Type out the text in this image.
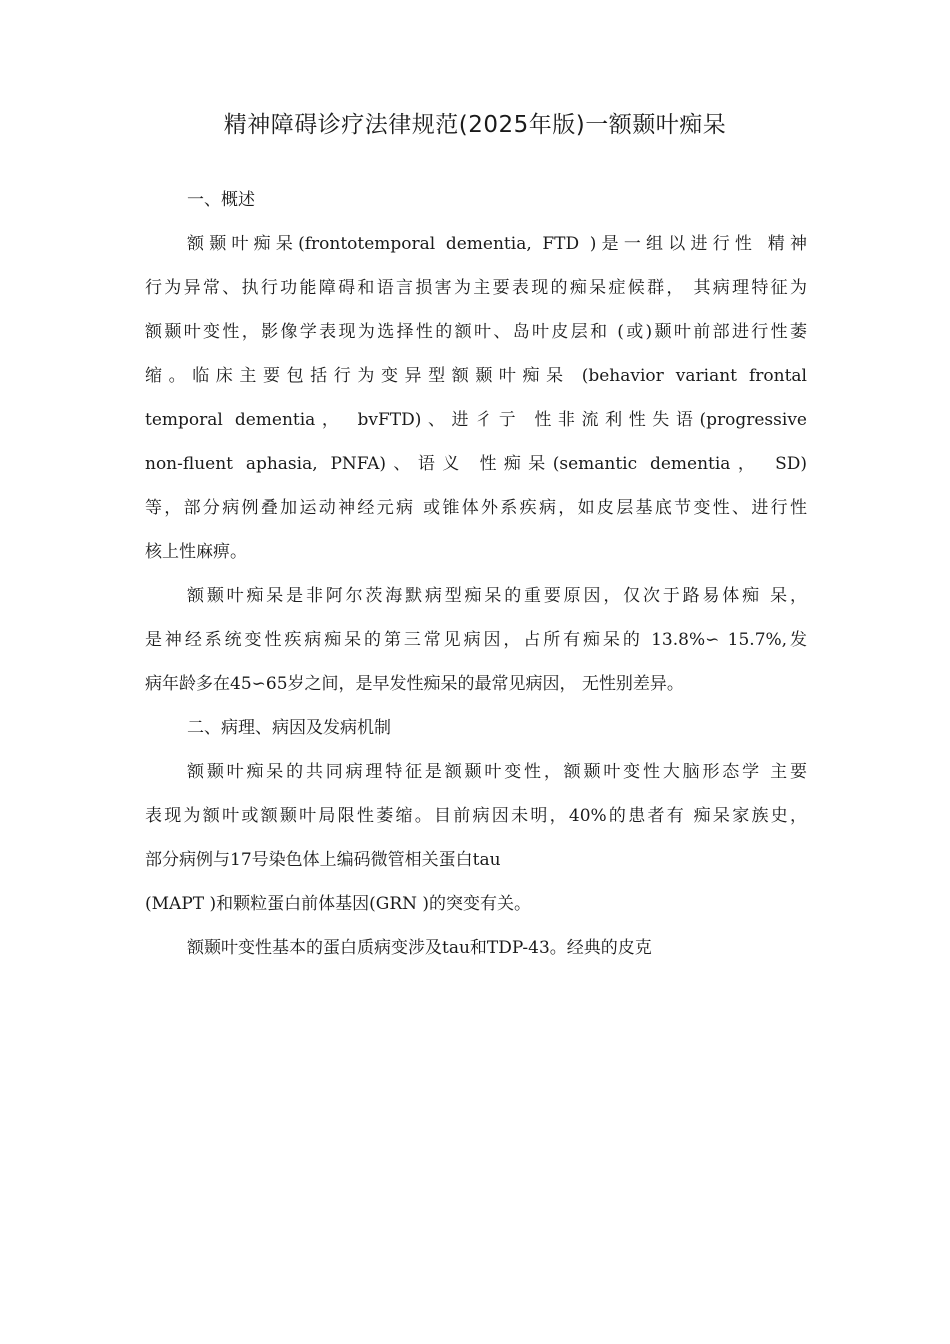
精神障碍诊疗法律规范(2025年版)一额颞叶痴呆
一、概述
额颞叶痴呆(frontotemporal dementia, FTD )是一组以进行性 精神
行为异常、执行功能障碍和语言损害为主要表现的痴呆症候群， 其病理特征为
额颞叶变性，影像学表现为选择性的额叶、岛叶皮层和 (或)颞叶前部进行性萎
缩。临床主要包括行为变异型额颞叶痴呆 (behavior variant frontal
temporal dementia， bvFTD)、进彳亍 性非流利性失语(progressive
non-fluent aphasia, PNFA)、语义 性痴呆(semantic dementia， SD)
等，部分病例叠加运动神经元病 或锥体外系疾病，如皮层基底节变性、进行性
核上性麻痹。
额颞叶痴呆是非阿尔茨海默病型痴呆的重要原因，仅次于路易体痴 呆，
是神经系统变性疾病痴呆的第三常见病因，占所有痴呆的 13.8%∽ 15.7%,发
病年龄多在45∽65岁之间，是早发性痴呆的最常见病因， 无性别差异。
二、病理、病因及发病机制
额颞叶痴呆的共同病理特征是额颞叶变性，额颞叶变性大脑形态学 主要
表现为额叶或额颞叶局限性萎缩。目前病因未明，40%的患者有 痴呆家族史，
部分病例与17号染色体上编码微管相关蛋白tau
(MAPT )和颗粒蛋白前体基因(GRN )的突变有关。
额颞叶变性基本的蛋白质病变涉及tau和TDP-43。经典的皮克
